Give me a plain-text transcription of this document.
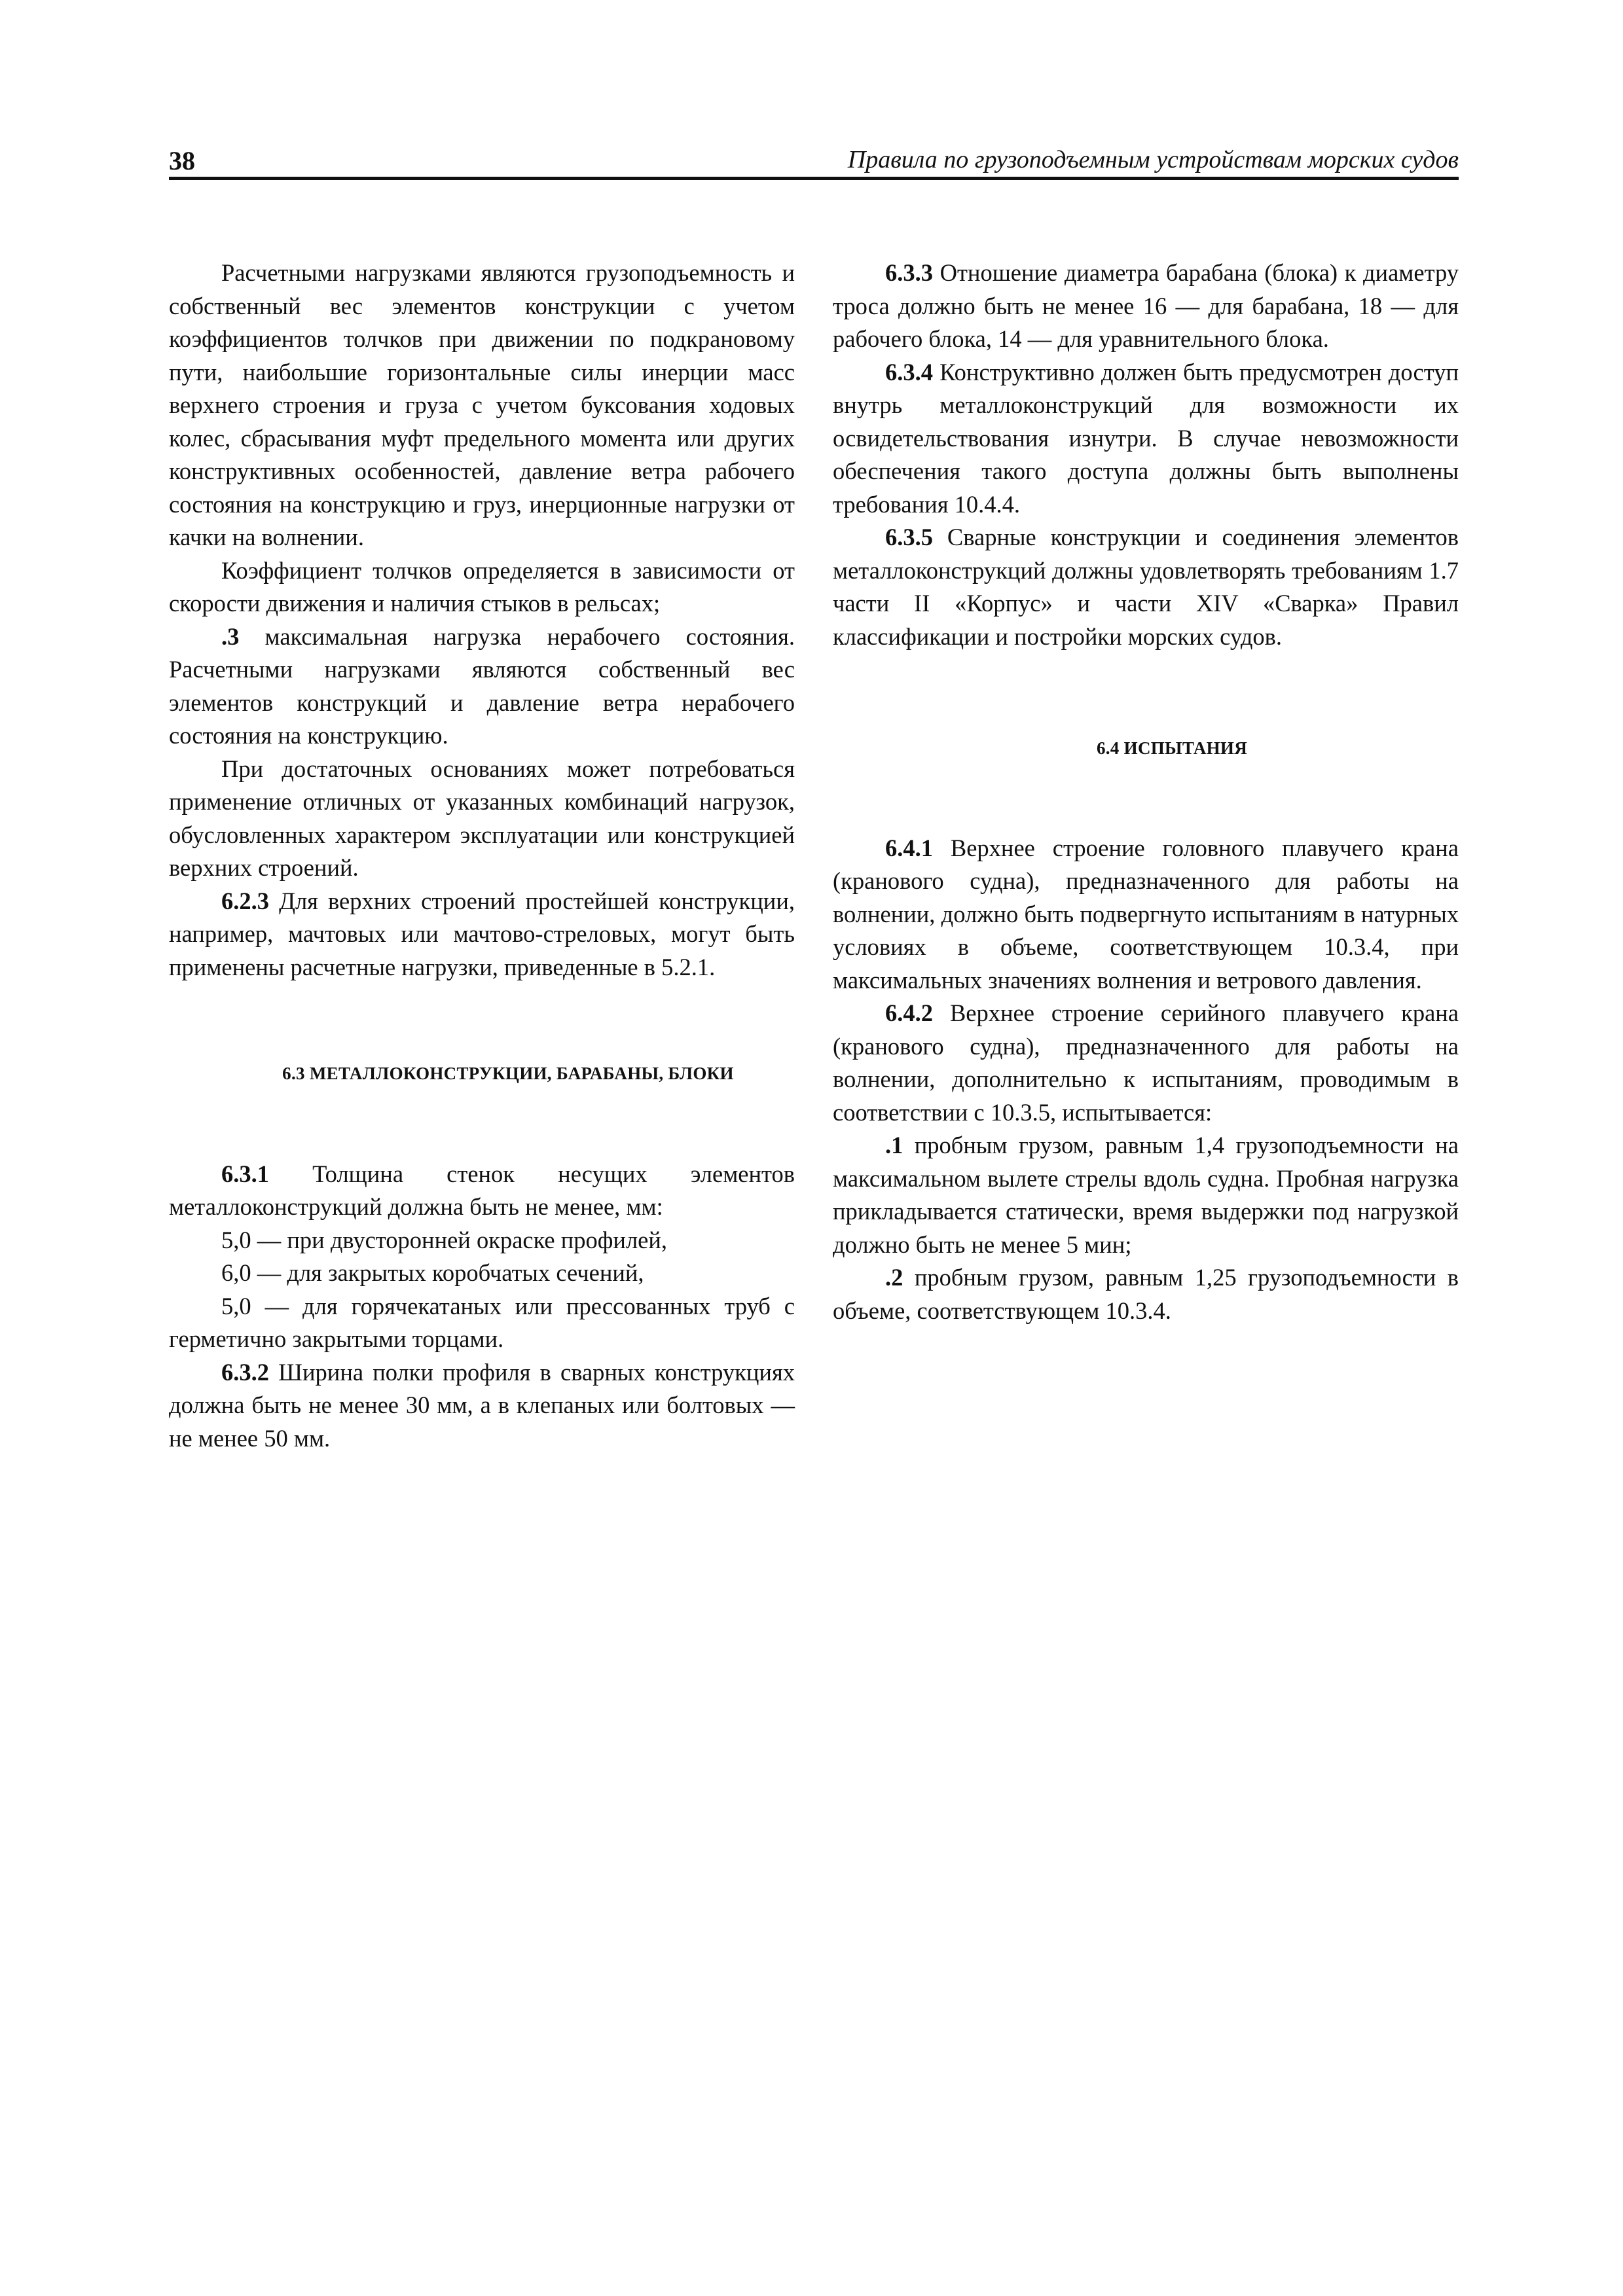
38	Правила по грузоподъемным устройствам морских судов

Расчетными нагрузками являются грузоподъемность и собственный вес элементов конструкции с учетом коэффициентов толчков при движении по подкрановому пути, наибольшие горизонтальные силы инерции масс верхнего строения и груза с учетом буксования ходовых колес, сбрасывания муфт предельного момента или других конструктивных особенностей, давление ветра рабочего состояния на конструкцию и груз, инерционные нагрузки от качки на волнении.

Коэффициент толчков определяется в зависимости от скорости движения и наличия стыков в рельсах;

.3 максимальная нагрузка нерабочего состояния. Расчетными нагрузками являются собственный вес элементов конструкций и давление ветра нерабочего состояния на конструкцию.

При достаточных основаниях может потребоваться применение отличных от указанных комбинаций нагрузок, обусловленных характером эксплуатации или конструкцией верхних строений.

6.2.3 Для верхних строений простейшей конструкции, например, мачтовых или мачтово-стреловых, могут быть применены расчетные нагрузки, приведенные в 5.2.1.

6.3 МЕТАЛЛОКОНСТРУКЦИИ, БАРАБАНЫ, БЛОКИ

6.3.1 Толщина стенок несущих элементов металлоконструкций должна быть не менее, мм:

5,0 — при двусторонней окраске профилей,

6,0 — для закрытых коробчатых сечений,

5,0 — для горячекатаных или прессованных труб с герметично закрытыми торцами.

6.3.2 Ширина полки профиля в сварных конструкциях должна быть не менее 30 мм, а в клепаных или болтовых — не менее 50 мм.

6.3.3 Отношение диаметра барабана (блока) к диаметру троса должно быть не менее 16 — для барабана, 18 — для рабочего блока, 14 — для уравнительного блока.

6.3.4 Конструктивно должен быть предусмотрен доступ внутрь металлоконструкций для возможности их освидетельствования изнутри. В случае невозможности обеспечения такого доступа должны быть выполнены требования 10.4.4.

6.3.5 Сварные конструкции и соединения элементов металлоконструкций должны удовлетворять требованиям 1.7 части II «Корпус» и части XIV «Сварка» Правил классификации и постройки морских судов.

6.4 ИСПЫТАНИЯ

6.4.1 Верхнее строение головного плавучего крана (кранового судна), предназначенного для работы на волнении, должно быть подвергнуто испытаниям в натурных условиях в объеме, соответствующем 10.3.4, при максимальных значениях волнения и ветрового давления.

6.4.2 Верхнее строение серийного плавучего крана (кранового судна), предназначенного для работы на волнении, дополнительно к испытаниям, проводимым в соответствии с 10.3.5, испытывается:

.1 пробным грузом, равным 1,4 грузоподъемности на максимальном вылете стрелы вдоль судна. Пробная нагрузка прикладывается статически, время выдержки под нагрузкой должно быть не менее 5 мин;

.2 пробным грузом, равным 1,25 грузоподъемности в объеме, соответствующем 10.3.4.
